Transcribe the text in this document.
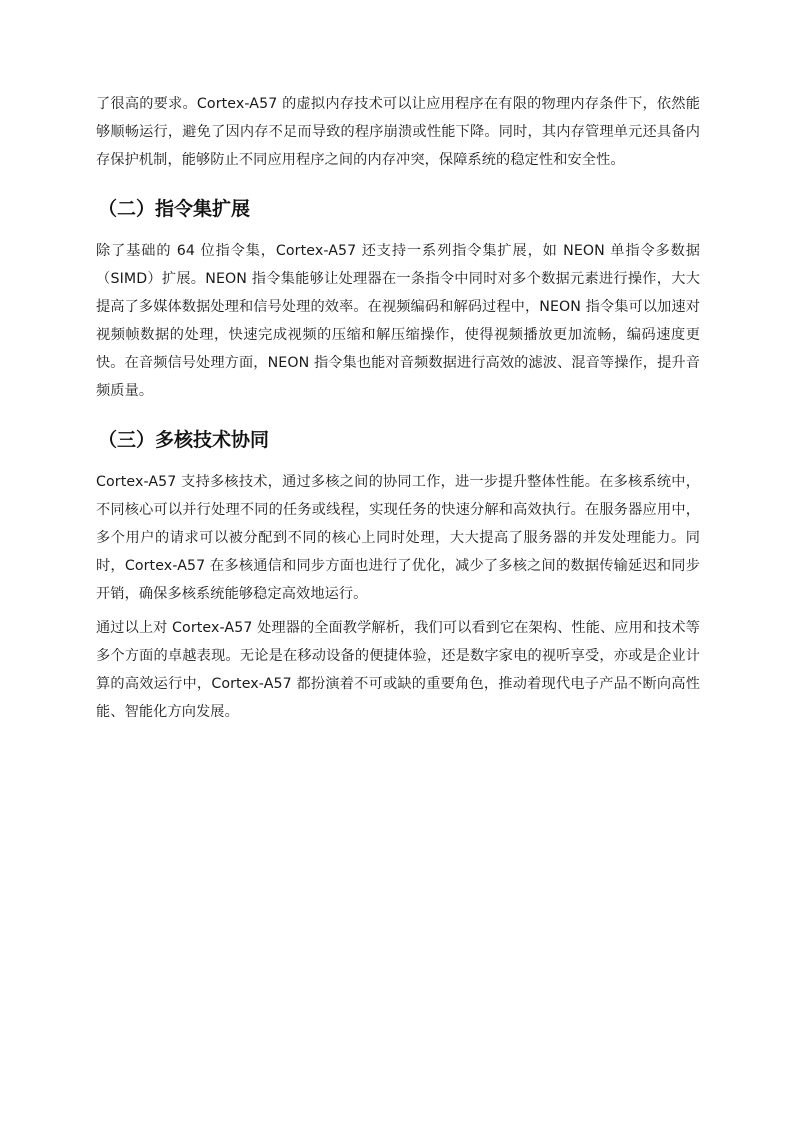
了很高的要求。Cortex-A57 的虚拟内存技术可以让应用程序在有限的物理内存条件下，依然能够顺畅运行，避免了因内存不足而导致的程序崩溃或性能下降。同时，其内存管理单元还具备内存保护机制，能够防止不同应用程序之间的内存冲突，保障系统的稳定性和安全性。

（二）指令集扩展

除了基础的 64 位指令集，Cortex-A57 还支持一系列指令集扩展，如 NEON 单指令多数据（SIMD）扩展。NEON 指令集能够让处理器在一条指令中同时对多个数据元素进行操作，大大提高了多媒体数据处理和信号处理的效率。在视频编码和解码过程中，NEON 指令集可以加速对视频帧数据的处理，快速完成视频的压缩和解压缩操作，使得视频播放更加流畅，编码速度更快。在音频信号处理方面，NEON 指令集也能对音频数据进行高效的滤波、混音等操作，提升音频质量。

（三）多核技术协同

Cortex-A57 支持多核技术，通过多核之间的协同工作，进一步提升整体性能。在多核系统中，不同核心可以并行处理不同的任务或线程，实现任务的快速分解和高效执行。在服务器应用中，多个用户的请求可以被分配到不同的核心上同时处理，大大提高了服务器的并发处理能力。同时，Cortex-A57 在多核通信和同步方面也进行了优化，减少了多核之间的数据传输延迟和同步开销，确保多核系统能够稳定高效地运行。

通过以上对 Cortex-A57 处理器的全面教学解析，我们可以看到它在架构、性能、应用和技术等多个方面的卓越表现。无论是在移动设备的便捷体验，还是数字家电的视听享受，亦或是企业计算的高效运行中，Cortex-A57 都扮演着不可或缺的重要角色，推动着现代电子产品不断向高性能、智能化方向发展。
